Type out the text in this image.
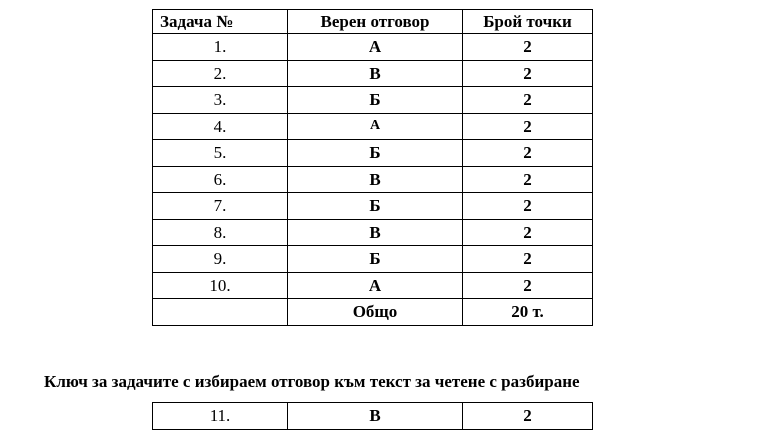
Задача №	Верен отговор	Брой точки
1.	А	2
2.	В	2
3.	Б	2
4.	А	2
5.	Б	2
6.	В	2
7.	Б	2
8.	В	2
9.	Б	2
10.	А	2
	Общо	20 т.

Ключ за задачите с избираем отговор към текст за четене с разбиране

11.	В	2
